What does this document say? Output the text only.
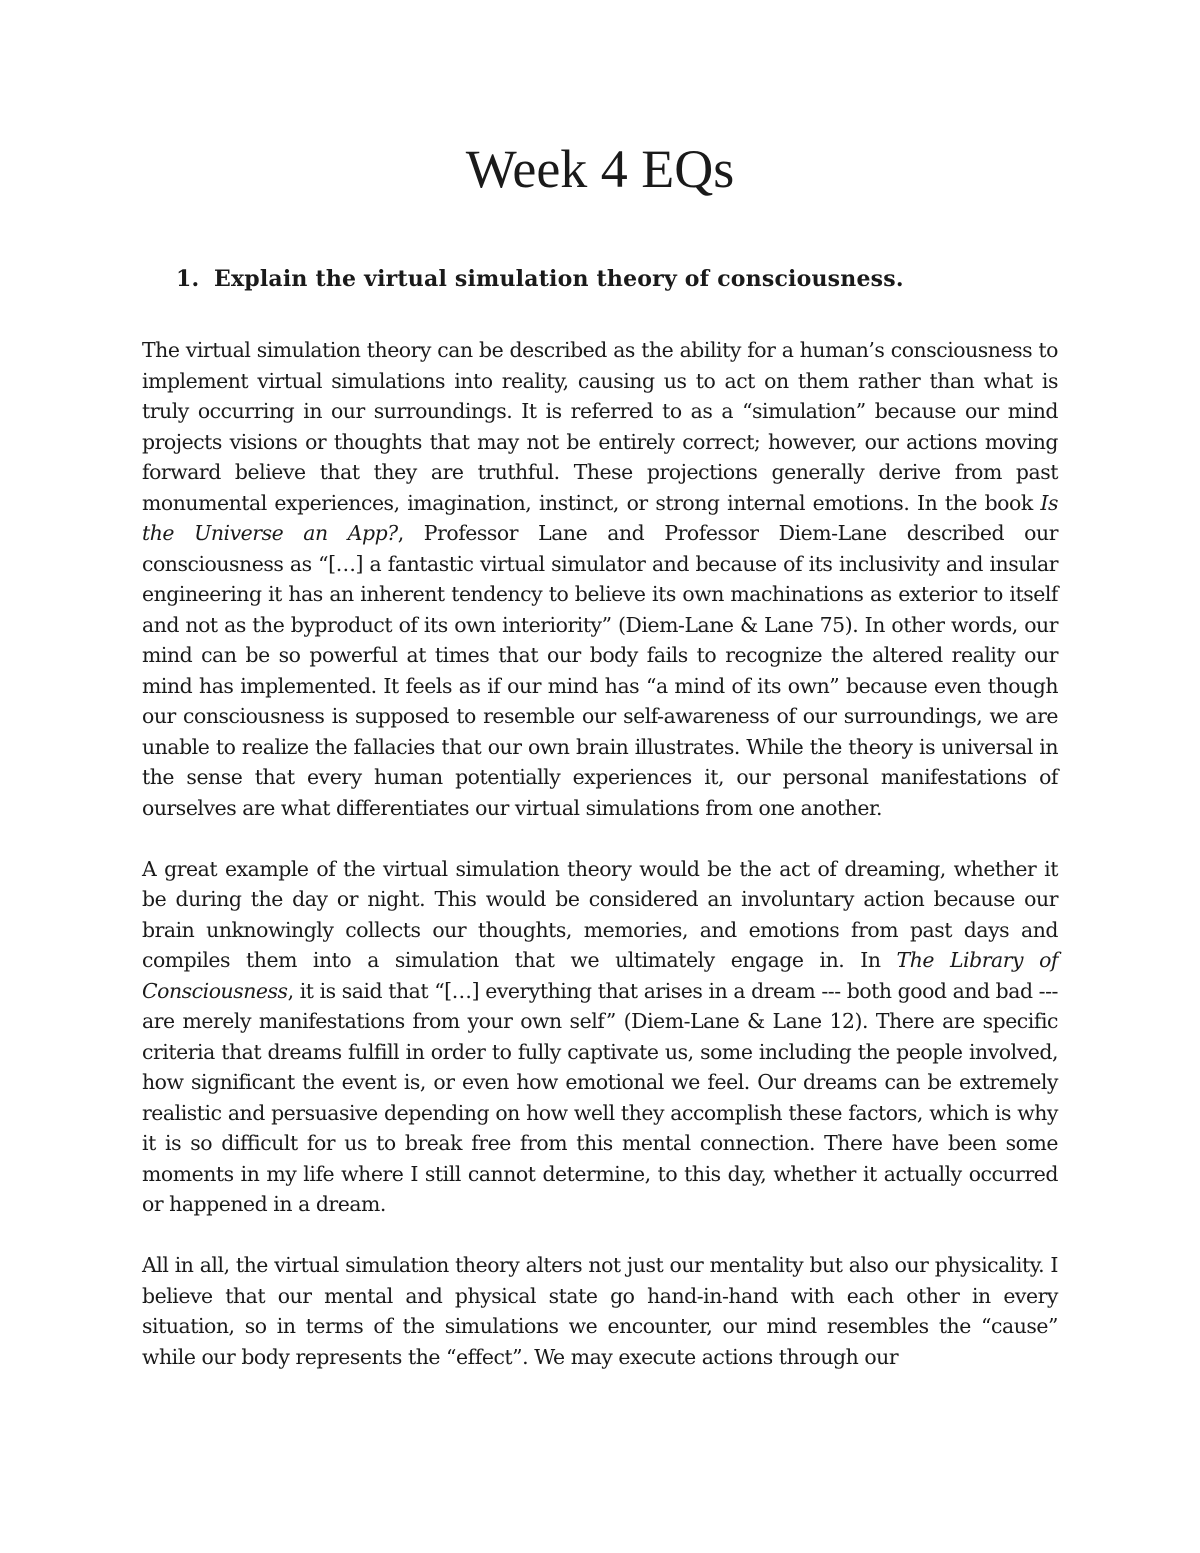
Week 4 EQs

1. Explain the virtual simulation theory of consciousness.

The virtual simulation theory can be described as the ability for a human’s consciousness to implement virtual simulations into reality, causing us to act on them rather than what is truly occurring in our surroundings. It is referred to as a “simulation” because our mind projects visions or thoughts that may not be entirely correct; however, our actions moving forward believe that they are truthful. These projections generally derive from past monumental experiences, imagination, instinct, or strong internal emotions. In the book Is the Universe an App?, Professor Lane and Professor Diem-Lane described our consciousness as “[…] a fantastic virtual simulator and because of its inclusivity and insular engineering it has an inherent tendency to believe its own machinations as exterior to itself and not as the byproduct of its own interiority” (Diem-Lane & Lane 75). In other words, our mind can be so powerful at times that our body fails to recognize the altered reality our mind has implemented. It feels as if our mind has “a mind of its own” because even though our consciousness is supposed to resemble our self-awareness of our surroundings, we are unable to realize the fallacies that our own brain illustrates. While the theory is universal in the sense that every human potentially experiences it, our personal manifestations of ourselves are what differentiates our virtual simulations from one another.

A great example of the virtual simulation theory would be the act of dreaming, whether it be during the day or night. This would be considered an involuntary action because our brain unknowingly collects our thoughts, memories, and emotions from past days and compiles them into a simulation that we ultimately engage in. In The Library of Consciousness, it is said that “[…] everything that arises in a dream --- both good and bad --- are merely manifestations from your own self” (Diem-Lane & Lane 12). There are specific criteria that dreams fulfill in order to fully captivate us, some including the people involved, how significant the event is, or even how emotional we feel. Our dreams can be extremely realistic and persuasive depending on how well they accomplish these factors, which is why it is so difficult for us to break free from this mental connection. There have been some moments in my life where I still cannot determine, to this day, whether it actually occurred or happened in a dream.

All in all, the virtual simulation theory alters not just our mentality but also our physicality. I believe that our mental and physical state go hand-in-hand with each other in every situation, so in terms of the simulations we encounter, our mind resembles the “cause” while our body represents the “effect”. We may execute actions through our
